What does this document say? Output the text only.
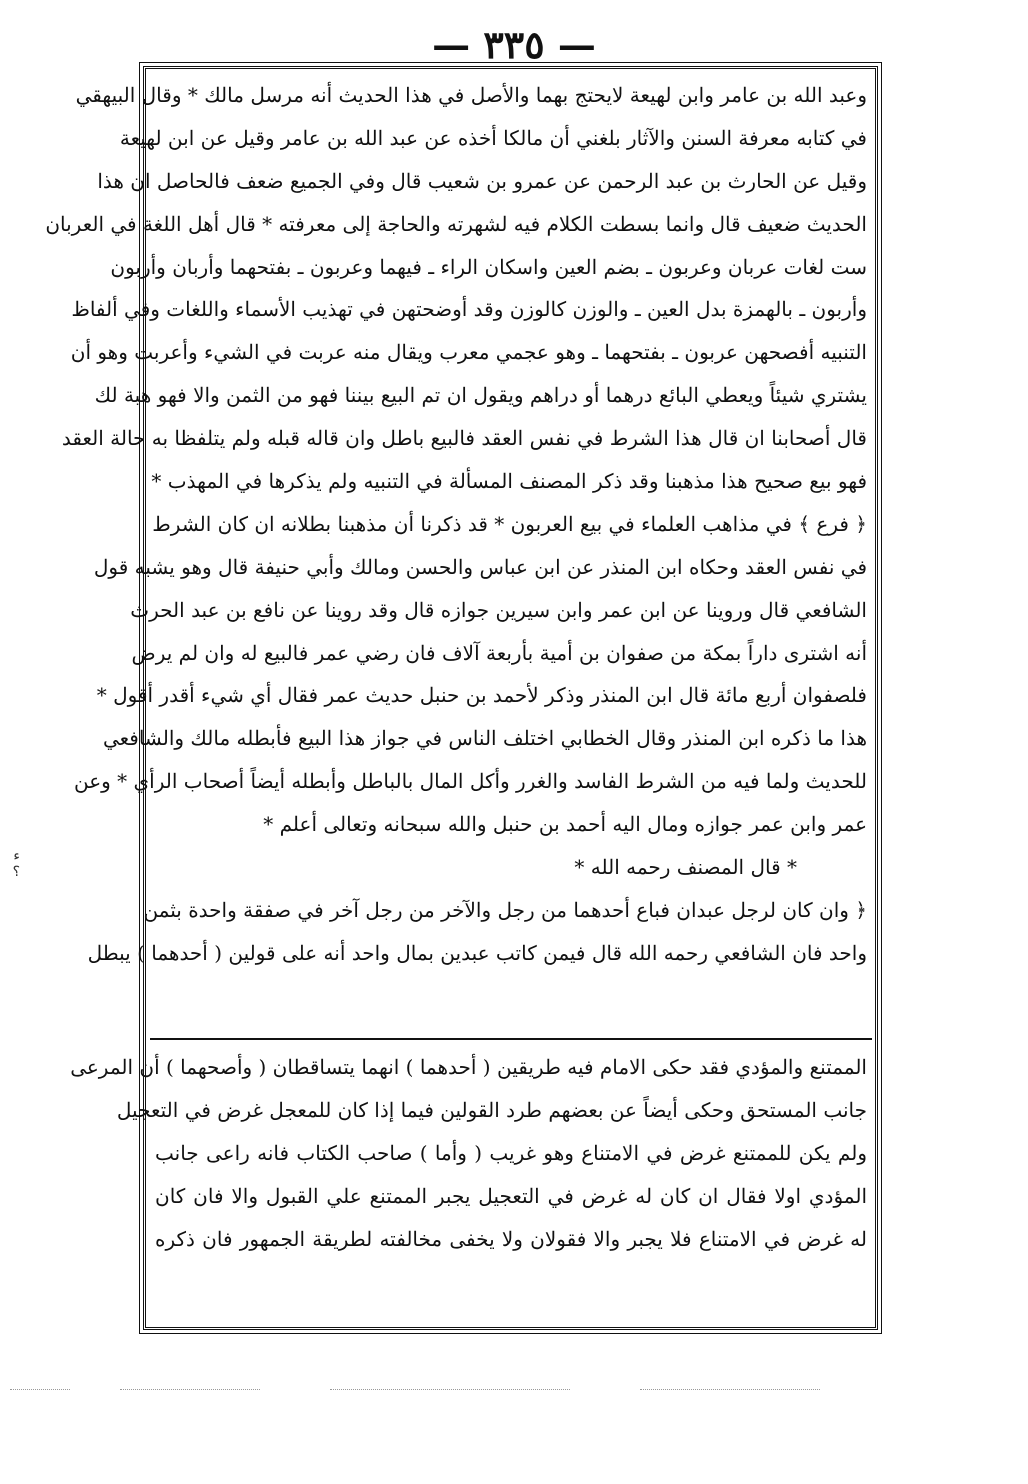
— ٣٣٥ —
وعبد الله بن عامر وابن لهيعة لايحتج بهما والأصل في هذا الحديث أنه مرسل مالك * وقال البيهقي
في كتابه معرفة السنن والآثار بلغني أن مالكا أخذه عن عبد الله بن عامر وقيل عن ابن لهيعة
وقيل عن الحارث بن عبد الرحمن عن عمرو بن شعيب قال وفي الجميع ضعف فالحاصل ان هذا
الحديث ضعيف قال وانما بسطت الكلام فيه لشهرته والحاجة إلى معرفته * قال أهل اللغة في العربان
ست لغات عربان وعربون ـ بضم العين واسكان الراء ـ فيهما وعربون ـ بفتحهما وأربان وأربون
وأربون ـ بالهمزة بدل العين ـ والوزن كالوزن وقد أوضحتهن في تهذيب الأسماء واللغات وفي ألفاظ
التنبيه أفصحهن عربون ـ بفتحهما ـ وهو عجمي معرب ويقال منه عربت في الشيء وأعربت وهو أن
يشتري شيئاً ويعطي البائع درهما أو دراهم ويقول ان تم البيع بيننا فهو من الثمن والا فهو هبة لك
قال أصحابنا ان قال هذا الشرط في نفس العقد فالبيع باطل وان قاله قبله ولم يتلفظا به حالة العقد
فهو بيع صحيح هذا مذهبنا وقد ذكر المصنف المسألة في التنبيه ولم يذكرها في المهذب *
﴿ فرع ﴾ في مذاهب العلماء في بيع العربون * قد ذكرنا أن مذهبنا بطلانه ان كان الشرط
في نفس العقد وحكاه ابن المنذر عن ابن عباس والحسن ومالك وأبي حنيفة قال وهو يشبه قول
الشافعي قال وروينا عن ابن عمر وابن سيرين جوازه قال وقد روينا عن نافع بن عبد الحرث
أنه اشترى داراً بمكة من صفوان بن أمية بأربعة آلاف فان رضي عمر فالبيع له وان لم يرض
فلصفوان أربع مائة قال ابن المنذر وذكر لأحمد بن حنبل حديث عمر فقال أي شيء أقدر أقول *
هذا ما ذكره ابن المنذر وقال الخطابي اختلف الناس في جواز هذا البيع فأبطله مالك والشافعي
للحديث ولما فيه من الشرط الفاسد والغرر وأكل المال بالباطل وأبطله أيضاً أصحاب الرأي * وعن
عمر وابن عمر جوازه ومال اليه أحمد بن حنبل والله سبحانه وتعالى أعلم *
* قال المصنف رحمه الله *
﴿ وان كان لرجل عبدان فباع أحدهما من رجل والآخر من رجل آخر في صفقة واحدة بثمن
واحد فان الشافعي رحمه الله قال فيمن كاتب عبدين بمال واحد أنه على قولين ( أحدهما ) يبطل
الممتنع والمؤدي فقد حكى الامام فيه طريقين ( أحدهما ) انهما يتساقطان ( وأصحهما ) أن المرعى
جانب المستحق وحكى أيضاً عن بعضهم طرد القولين فيما إذا كان للمعجل غرض في التعجيل
ولم يكن للممتنع غرض في الامتناع وهو غريب ( وأما ) صاحب الكتاب فانه راعى جانب
المؤدي اولا فقال ان كان له غرض في التعجيل يجبر الممتنع علي القبول والا فان كان
له غرض في الامتناع فلا يجبر والا فقولان ولا يخفى مخالفته لطريقة الجمهور فان ذكره
ء ؟
